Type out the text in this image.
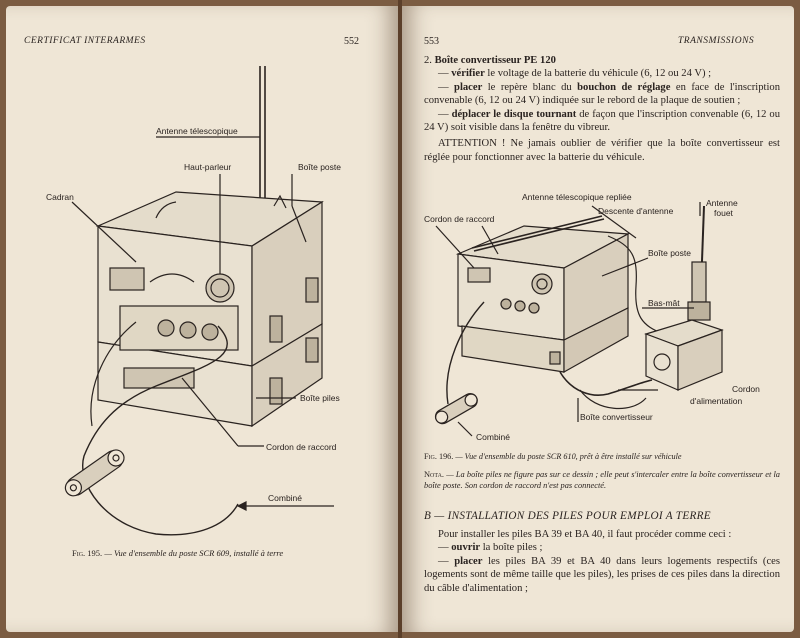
CERTIFICAT INTERARMES	552
Antenne télescopique
Haut-parleur	Boîte poste
Cadran
Boîte piles
Cordon de raccord
Combiné
Fig. 195. — Vue d'ensemble du poste SCR 609, installé à terre
553	TRANSMISSIONS

2. Boîte convertisseur PE 120

— vérifier le voltage de la batterie du véhicule (6, 12 ou 24 V) ;

— placer le repère blanc du bouchon de réglage en face de l'inscription convenable (6, 12 ou 24 V) indiquée sur le rebord de la plaque de soutien ;

— déplacer le disque tournant de façon que l'inscription convenable (6, 12 ou 24 V) soit visible dans la fenêtre du vibreur.

ATTENTION ! Ne jamais oublier de vérifier que la boîte convertisseur est réglée pour fonctionner avec la batterie du véhicule.

Antenne télescopique repliée
Descente d'antenne
Antenne
fouet
Cordon de raccord
Boîte poste
Bas-mât
Cordon
d'alimentation
Boîte convertisseur
Combiné
Fig. 196. — Vue d'ensemble du poste SCR 610, prêt à être installé sur véhicule
Nota. — La boîte piles ne figure pas sur ce dessin ; elle peut s'intercaler entre la boîte convertisseur et la boîte poste. Son cordon de raccord n'est pas connecté.
B — INSTALLATION DES PILES POUR EMPLOI A TERRE

Pour installer les piles BA 39 et BA 40, il faut procéder comme ceci :

— ouvrir la boîte piles ;

— placer les piles BA 39 et BA 40 dans leurs logements respectifs (ces logements sont de même taille que les piles), les prises de ces piles dans la direction du câble d'alimentation ;
